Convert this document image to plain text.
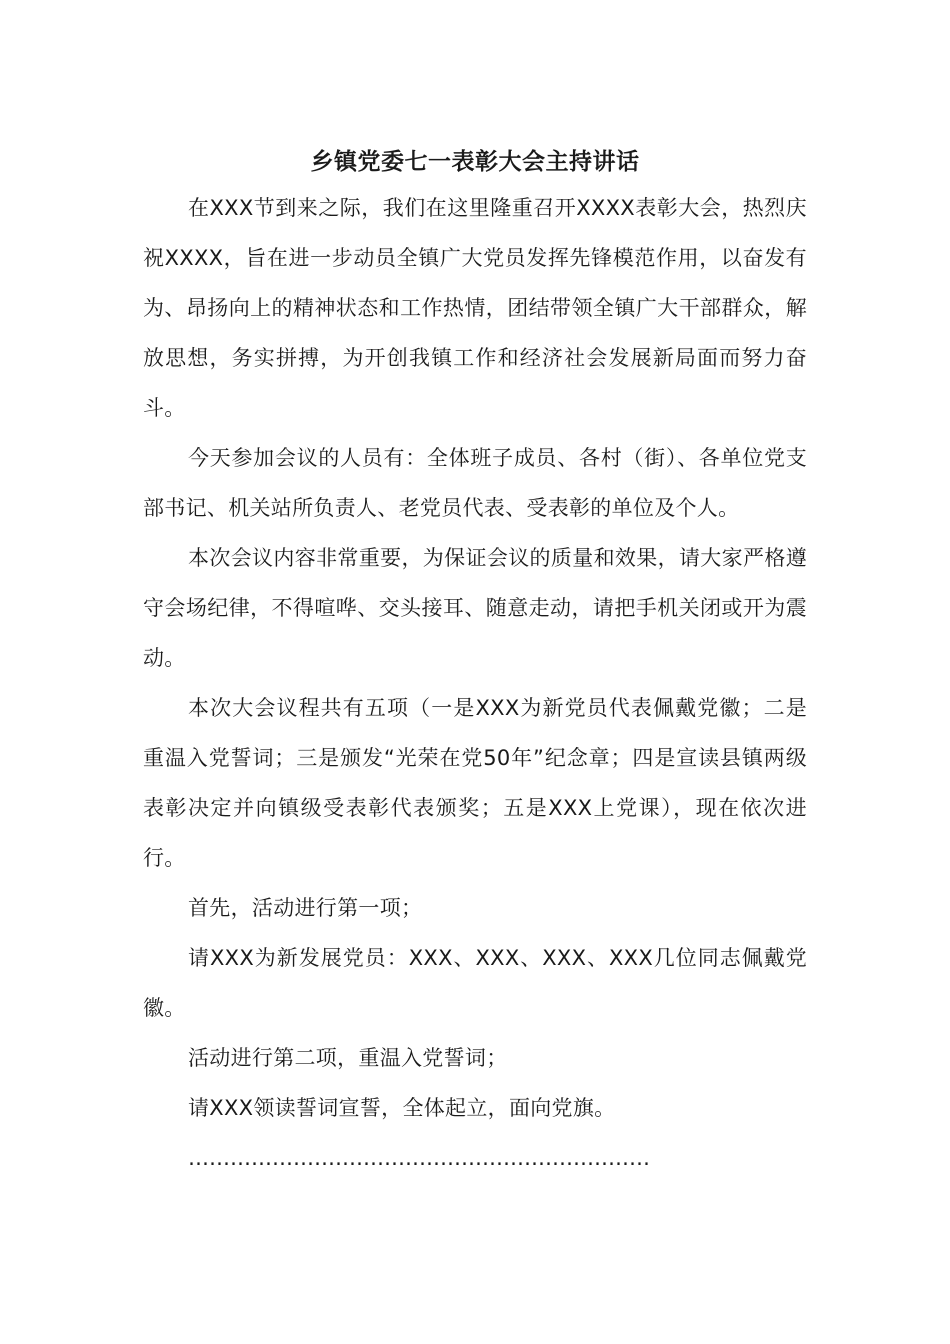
乡镇党委七一表彰大会主持讲话

在XXX节到来之际，我们在这里隆重召开XXXX表彰大会，热烈庆祝XXXX，旨在进一步动员全镇广大党员发挥先锋模范作用，以奋发有为、昂扬向上的精神状态和工作热情，团结带领全镇广大干部群众，解放思想，务实拼搏，为开创我镇工作和经济社会发展新局面而努力奋斗。

今天参加会议的人员有：全体班子成员、各村（街）、各单位党支部书记、机关站所负责人、老党员代表、受表彰的单位及个人。

本次会议内容非常重要，为保证会议的质量和效果，请大家严格遵守会场纪律，不得喧哗、交头接耳、随意走动，请把手机关闭或开为震动。

本次大会议程共有五项（一是XXX为新党员代表佩戴党徽；二是重温入党誓词；三是颁发“光荣在党50年”纪念章；四是宣读县镇两级表彰决定并向镇级受表彰代表颁奖；五是XXX上党课），现在依次进行。

首先，活动进行第一项；

请XXX为新发展党员：XXX、XXX、XXX、XXX几位同志佩戴党徽。

活动进行第二项，重温入党誓词；

请XXX领读誓词宣誓，全体起立，面向党旗。

…………………………………………………………
